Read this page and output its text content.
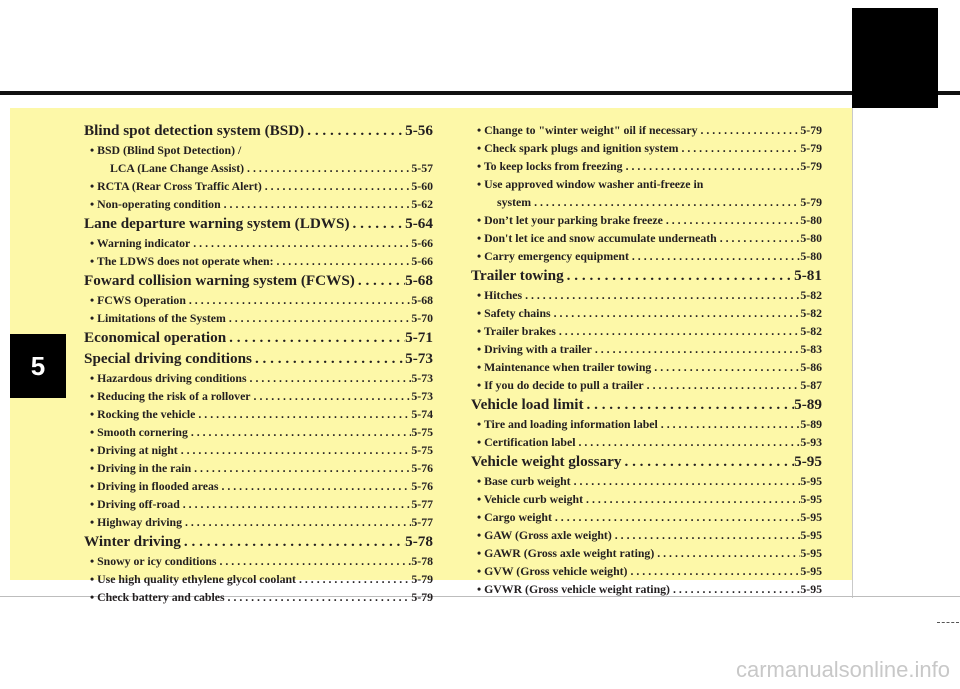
5
Blind spot detection system (BSD) . . .	5-56
• BSD (Blind Spot Detection) /
LCA (Lane Change Assist) . . .	5-57
• RCTA (Rear Cross Traffic Alert) . . .	5-60
• Non-operating condition . . .	5-62
Lane departure warning system (LDWS) . . .	5-64
• Warning indicator . . .	5-66
• The LDWS does not operate when: . . .	5-66
Foward collision warning system (FCWS) . . .	5-68
• FCWS Operation . . .	5-68
• Limitations of the System . . .	5-70
Economical operation . . .	5-71
Special driving conditions . . .	5-73
• Hazardous driving conditions . . .	5-73
• Reducing the risk of a rollover . . .	5-73
• Rocking the vehicle . . .	5-74
• Smooth cornering . . .	5-75
• Driving at night . . .	5-75
• Driving in the rain . . .	5-76
• Driving in flooded areas . . .	5-76
• Driving off-road . . .	5-77
• Highway driving . . .	5-77
Winter driving . . .	5-78
• Snowy or icy conditions . . .	5-78
• Use high quality ethylene glycol coolant . . .	5-79
• Check battery and cables . . .	5-79
• Change to "winter weight" oil if necessary . . .	5-79
• Check spark plugs and ignition system . . .	5-79
• To keep locks from freezing . . .	5-79
• Use approved window washer anti-freeze in
system . . .	5-79
• Don’t let your parking brake freeze . . .	5-80
• Don't let ice and snow accumulate underneath . . .	5-80
• Carry emergency equipment . . .	5-80
Trailer towing . . .	5-81
• Hitches . . .	5-82
• Safety chains . . .	5-82
• Trailer brakes . . .	5-82
• Driving with a trailer . . .	5-83
• Maintenance when trailer towing . . .	5-86
• If you do decide to pull a trailer . . .	5-87
Vehicle load limit . . .	5-89
• Tire and loading information label . . .	5-89
• Certification label . . .	5-93
Vehicle weight glossary . . .	5-95
• Base curb weight . . .	5-95
• Vehicle curb weight . . .	5-95
• Cargo weight . . .	5-95
• GAW (Gross axle weight) . . .	5-95
• GAWR (Gross axle weight rating) . . .	5-95
• GVW (Gross vehicle weight) . . .	5-95
• GVWR (Gross vehicle weight rating) . . .	5-95
carmanualsonline.info
